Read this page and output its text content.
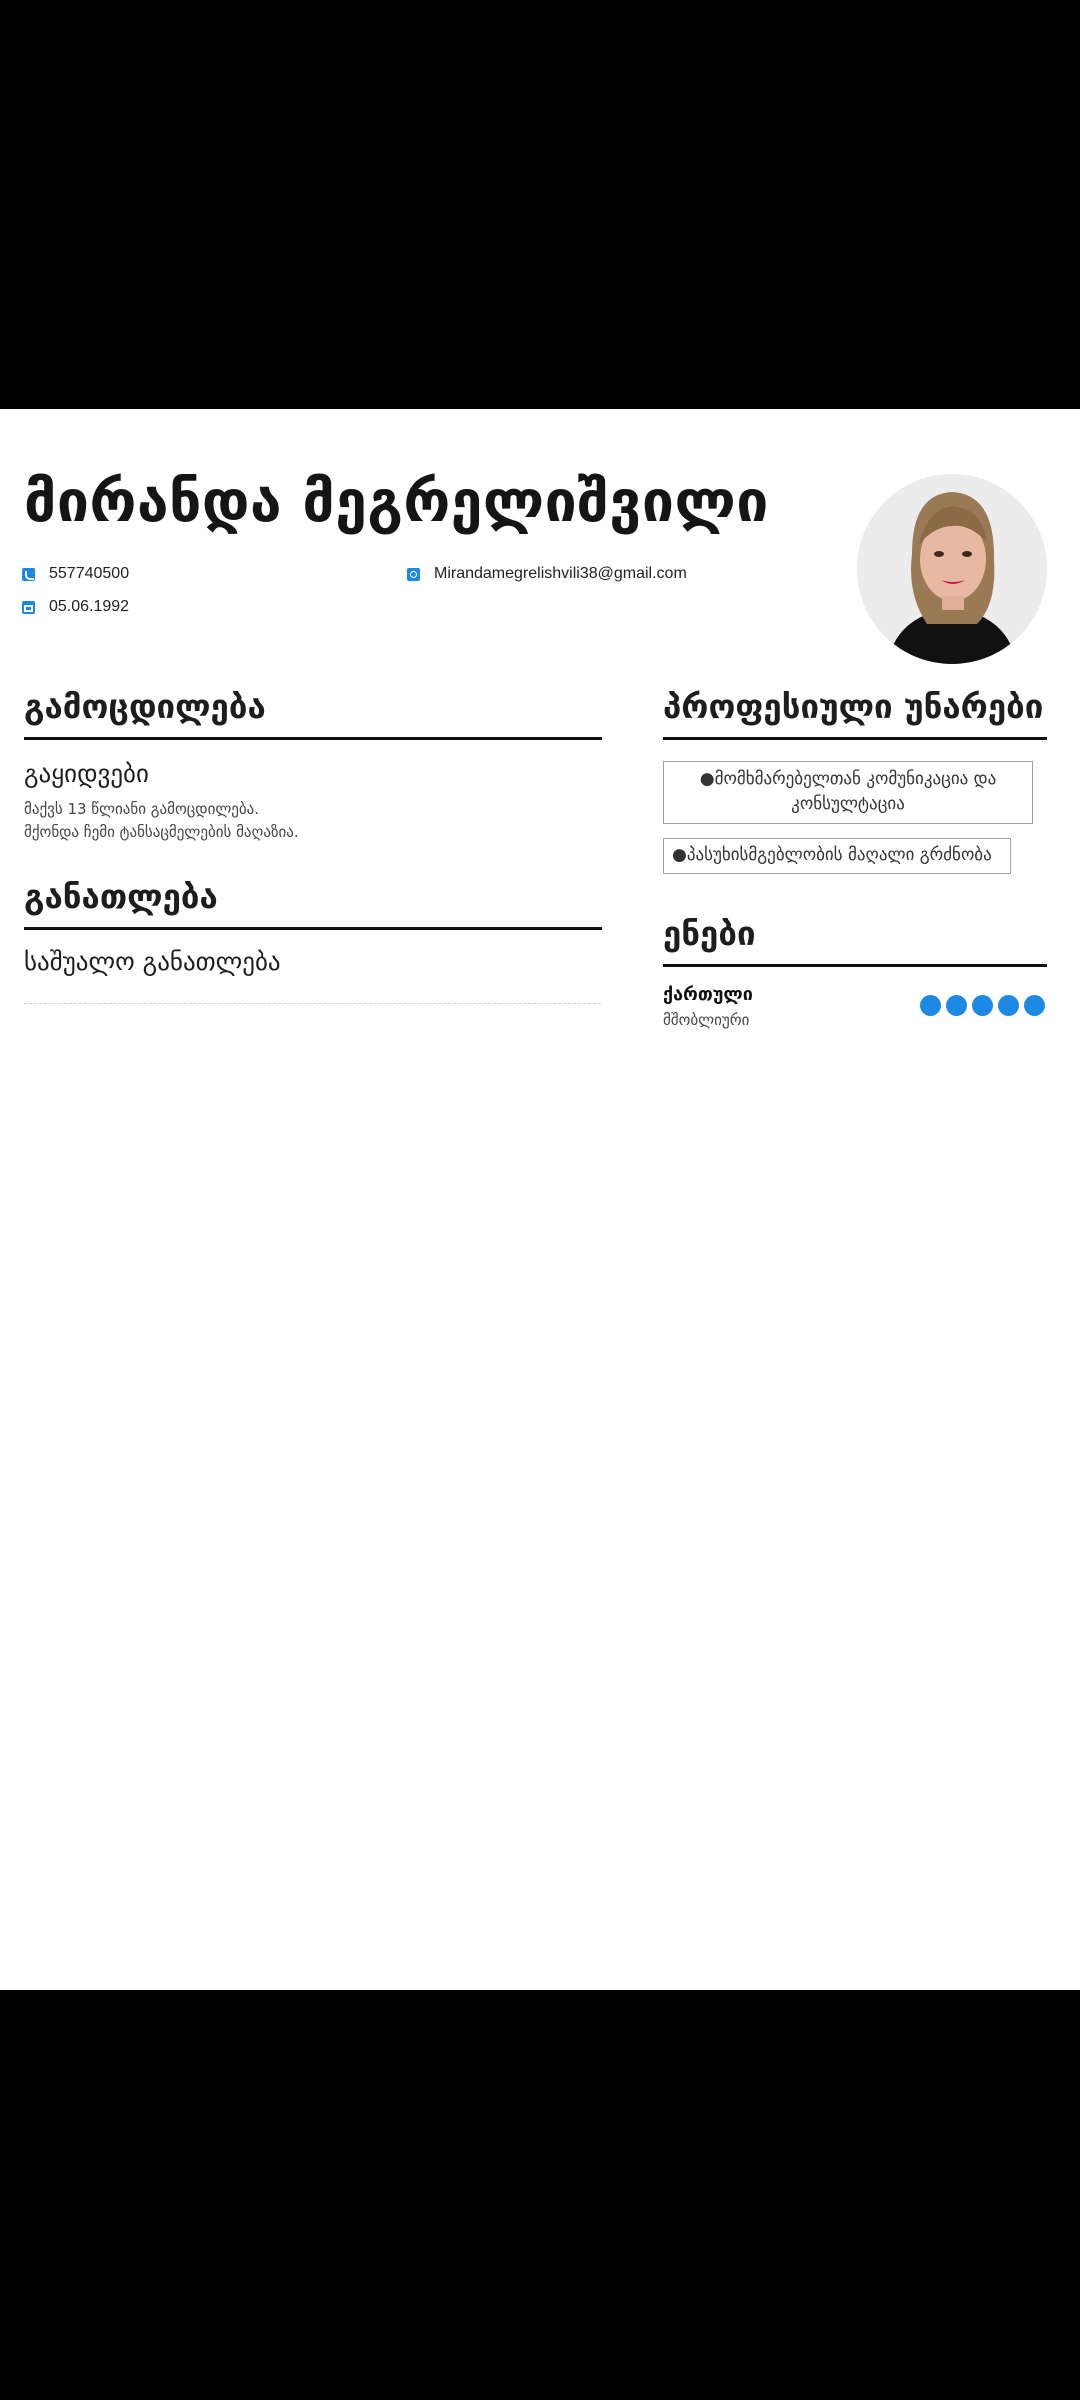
მირანდა მეგრელიშვილი
557740500
05.06.1992
Mirandamegrelishvili38@gmail.com
გამოცდილება
გაყიდვები
მაქვს 13 წლიანი გამოცდილება.
მქონდა ჩემი ტანსაცმელების მაღაზია.
განათლება
საშუალო განათლება
პროფესიული უნარები
●მომხმარებელთან კომუნიკაცია და კონსულტაცია
●პასუხისმგებლობის მაღალი გრძნობა
ენები
ქართული
მშობლიური
